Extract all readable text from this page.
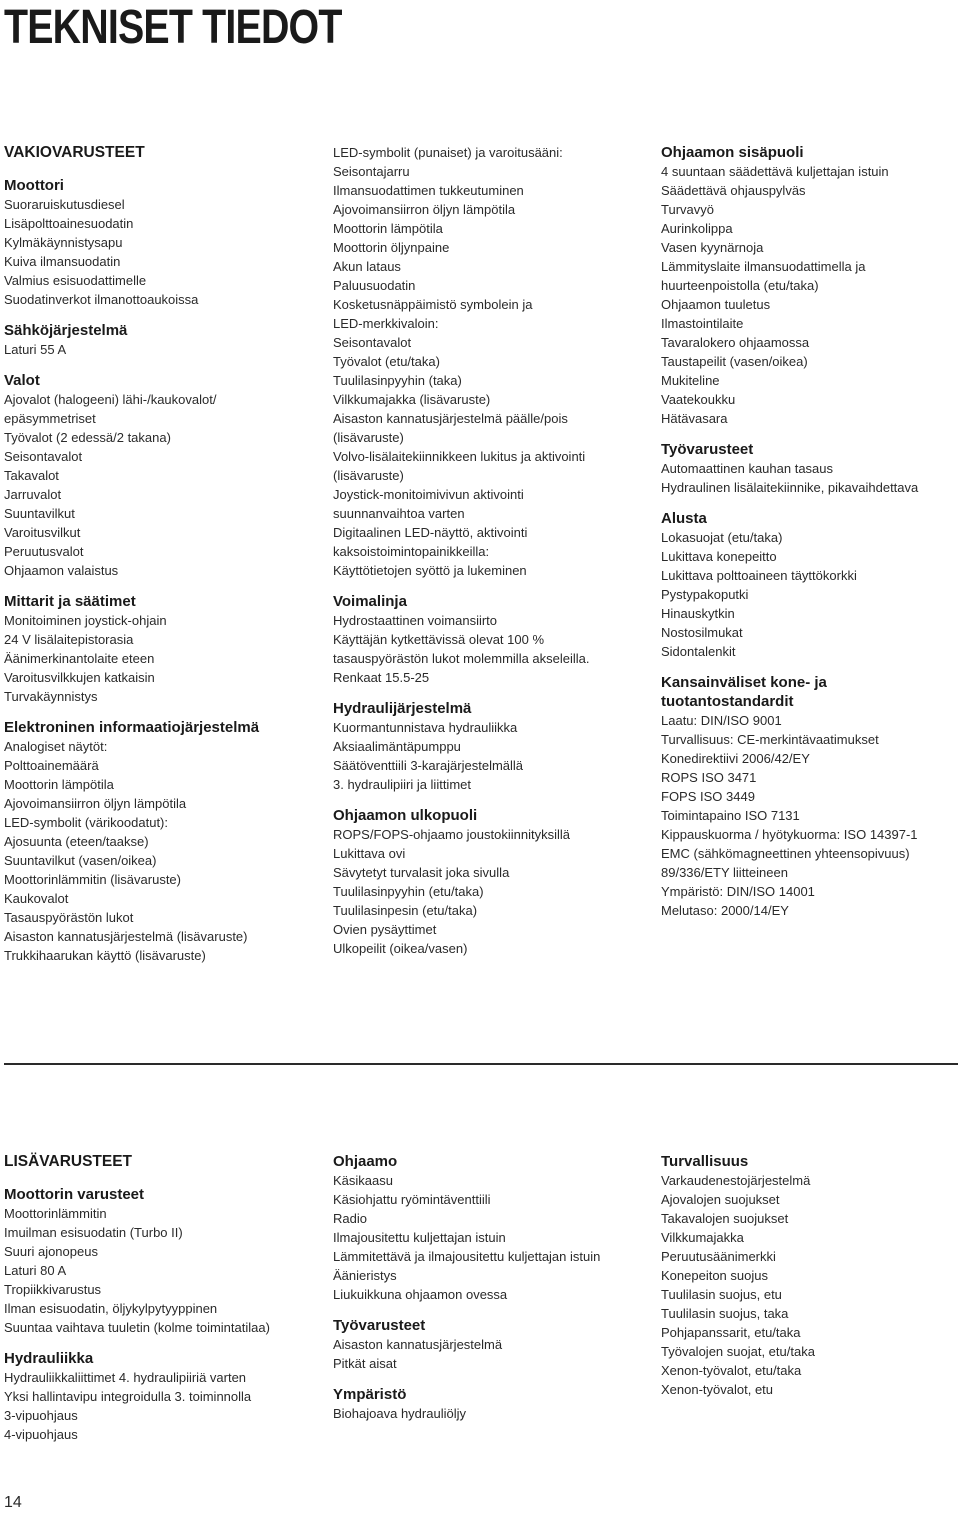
TEKNISET TIEDOT
VAKIOVARUSTEET
Moottori
Suoraruiskutusdiesel
Lisäpolttoainesuodatin
Kylmäkäynnistysapu
Kuiva ilmansuodatin
Valmius esisuodattimelle
Suodatinverkot ilmanottoaukoissa
Sähköjärjestelmä
Laturi 55 A
Valot
Ajovalot (halogeeni) lähi-/kaukovalot/
epäsymmetriset
Työvalot (2 edessä/2 takana)
Seisontavalot
Takavalot
Jarruvalot
Suuntavilkut
Varoitusvilkut
Peruutusvalot
Ohjaamon valaistus
Mittarit ja säätimet
Monitoiminen joystick-ohjain
24 V lisälaitepistorasia
Äänimerkinantolaite eteen
Varoitusvilkkujen katkaisin
Turvakäynnistys
Elektroninen informaatiojärjestelmä
Analogiset näytöt:
Polttoainemäärä
Moottorin lämpötila
Ajovoimansiirron öljyn lämpötila
LED-symbolit (värikoodatut):
Ajosuunta (eteen/taakse)
Suuntavilkut (vasen/oikea)
Moottorinlämmitin (lisävaruste)
Kaukovalot
Tasauspyörästön lukot
Aisaston kannatusjärjestelmä (lisävaruste)
Trukkihaarukan käyttö (lisävaruste)
LED-symbolit (punaiset) ja varoitusääni:
Seisontajarru
Ilmansuodattimen tukkeutuminen
Ajovoimansiirron öljyn lämpötila
Moottorin lämpötila
Moottorin öljynpaine
Akun lataus
Paluusuodatin
Kosketusnäppäimistö symbolein ja
LED-merkkivaloin:
Seisontavalot
Työvalot (etu/taka)
Tuulilasinpyyhin (taka)
Vilkkumajakka (lisävaruste)
Aisaston kannatusjärjestelmä päälle/pois
(lisävaruste)
Volvo-lisälaitekiinnikkeen lukitus ja aktivointi
(lisävaruste)
Joystick-monitoimivivun aktivointi
suunnanvaihtoa varten
Digitaalinen LED-näyttö, aktivointi
kaksoistoimintopainikkeilla:
Käyttötietojen syöttö ja lukeminen
Voimalinja
Hydrostaattinen voimansiirto
Käyttäjän kytkettävissä olevat 100 %
tasauspyörästön lukot molemmilla akseleilla.
Renkaat 15.5-25
Hydraulijärjestelmä
Kuormantunnistava hydrauliikka
Aksiaalimäntäpumppu
Säätöventtiili 3-karajärjestelmällä
3. hydraulipiiri ja liittimet
Ohjaamon ulkopuoli
ROPS/FOPS-ohjaamo joustokiinnityksillä
Lukittava ovi
Sävytetyt turvalasit joka sivulla
Tuulilasinpyyhin (etu/taka)
Tuulilasinpesin (etu/taka)
Ovien pysäyttimet
Ulkopeilit (oikea/vasen)
Ohjaamon sisäpuoli
4 suuntaan säädettävä kuljettajan istuin
Säädettävä ohjauspylväs
Turvavyö
Aurinkolippa
Vasen kyynärnoja
Lämmityslaite ilmansuodattimella ja
huurteenpoistolla (etu/taka)
Ohjaamon tuuletus
Ilmastointilaite
Tavaralokero ohjaamossa
Taustapeilit (vasen/oikea)
Mukiteline
Vaatekoukku
Hätävasara
Työvarusteet
Automaattinen kauhan tasaus
Hydraulinen lisälaitekiinnike, pikavaihdettava
Alusta
Lokasuojat (etu/taka)
Lukittava konepeitto
Lukittava polttoaineen täyttökorkki
Pystypakoputki
Hinauskytkin
Nostosilmukat
Sidontalenkit
Kansainväliset kone- ja
tuotantostandardit
Laatu: DIN/ISO 9001
Turvallisuus: CE-merkintävaatimukset
Konedirektiivi 2006/42/EY
ROPS ISO 3471
FOPS ISO 3449
Toimintapaino ISO 7131
Kippauskuorma / hyötykuorma: ISO 14397-1
EMC (sähkömagneettinen yhteensopivuus)
89/336/ETY liitteineen
Ympäristö: DIN/ISO 14001
Melutaso: 2000/14/EY
LISÄVARUSTEET
Moottorin varusteet
Moottorinlämmitin
Imuilman esisuodatin (Turbo II)
Suuri ajonopeus
Laturi 80 A
Tropiikkivarustus
Ilman esisuodatin, öljykylpytyyppinen
Suuntaa vaihtava tuuletin (kolme toimintatilaa)
Hydrauliikka
Hydrauliikkaliittimet 4. hydraulipiiriä varten
Yksi hallintavipu integroidulla 3. toiminnolla
3-vipuohjaus
4-vipuohjaus
Ohjaamo
Käsikaasu
Käsiohjattu ryömintäventtiili
Radio
Ilmajousitettu kuljettajan istuin
Lämmitettävä ja ilmajousitettu kuljettajan istuin
Äänieristys
Liukuikkuna ohjaamon ovessa
Työvarusteet
Aisaston kannatusjärjestelmä
Pitkät aisat
Ympäristö
Biohajoava hydrauliöljy
Turvallisuus
Varkaudenestojärjestelmä
Ajovalojen suojukset
Takavalojen suojukset
Vilkkumajakka
Peruutusäänimerkki
Konepeiton suojus
Tuulilasin suojus, etu
Tuulilasin suojus, taka
Pohjapanssarit, etu/taka
Työvalojen suojat, etu/taka
Xenon-työvalot, etu/taka
Xenon-työvalot, etu
14
